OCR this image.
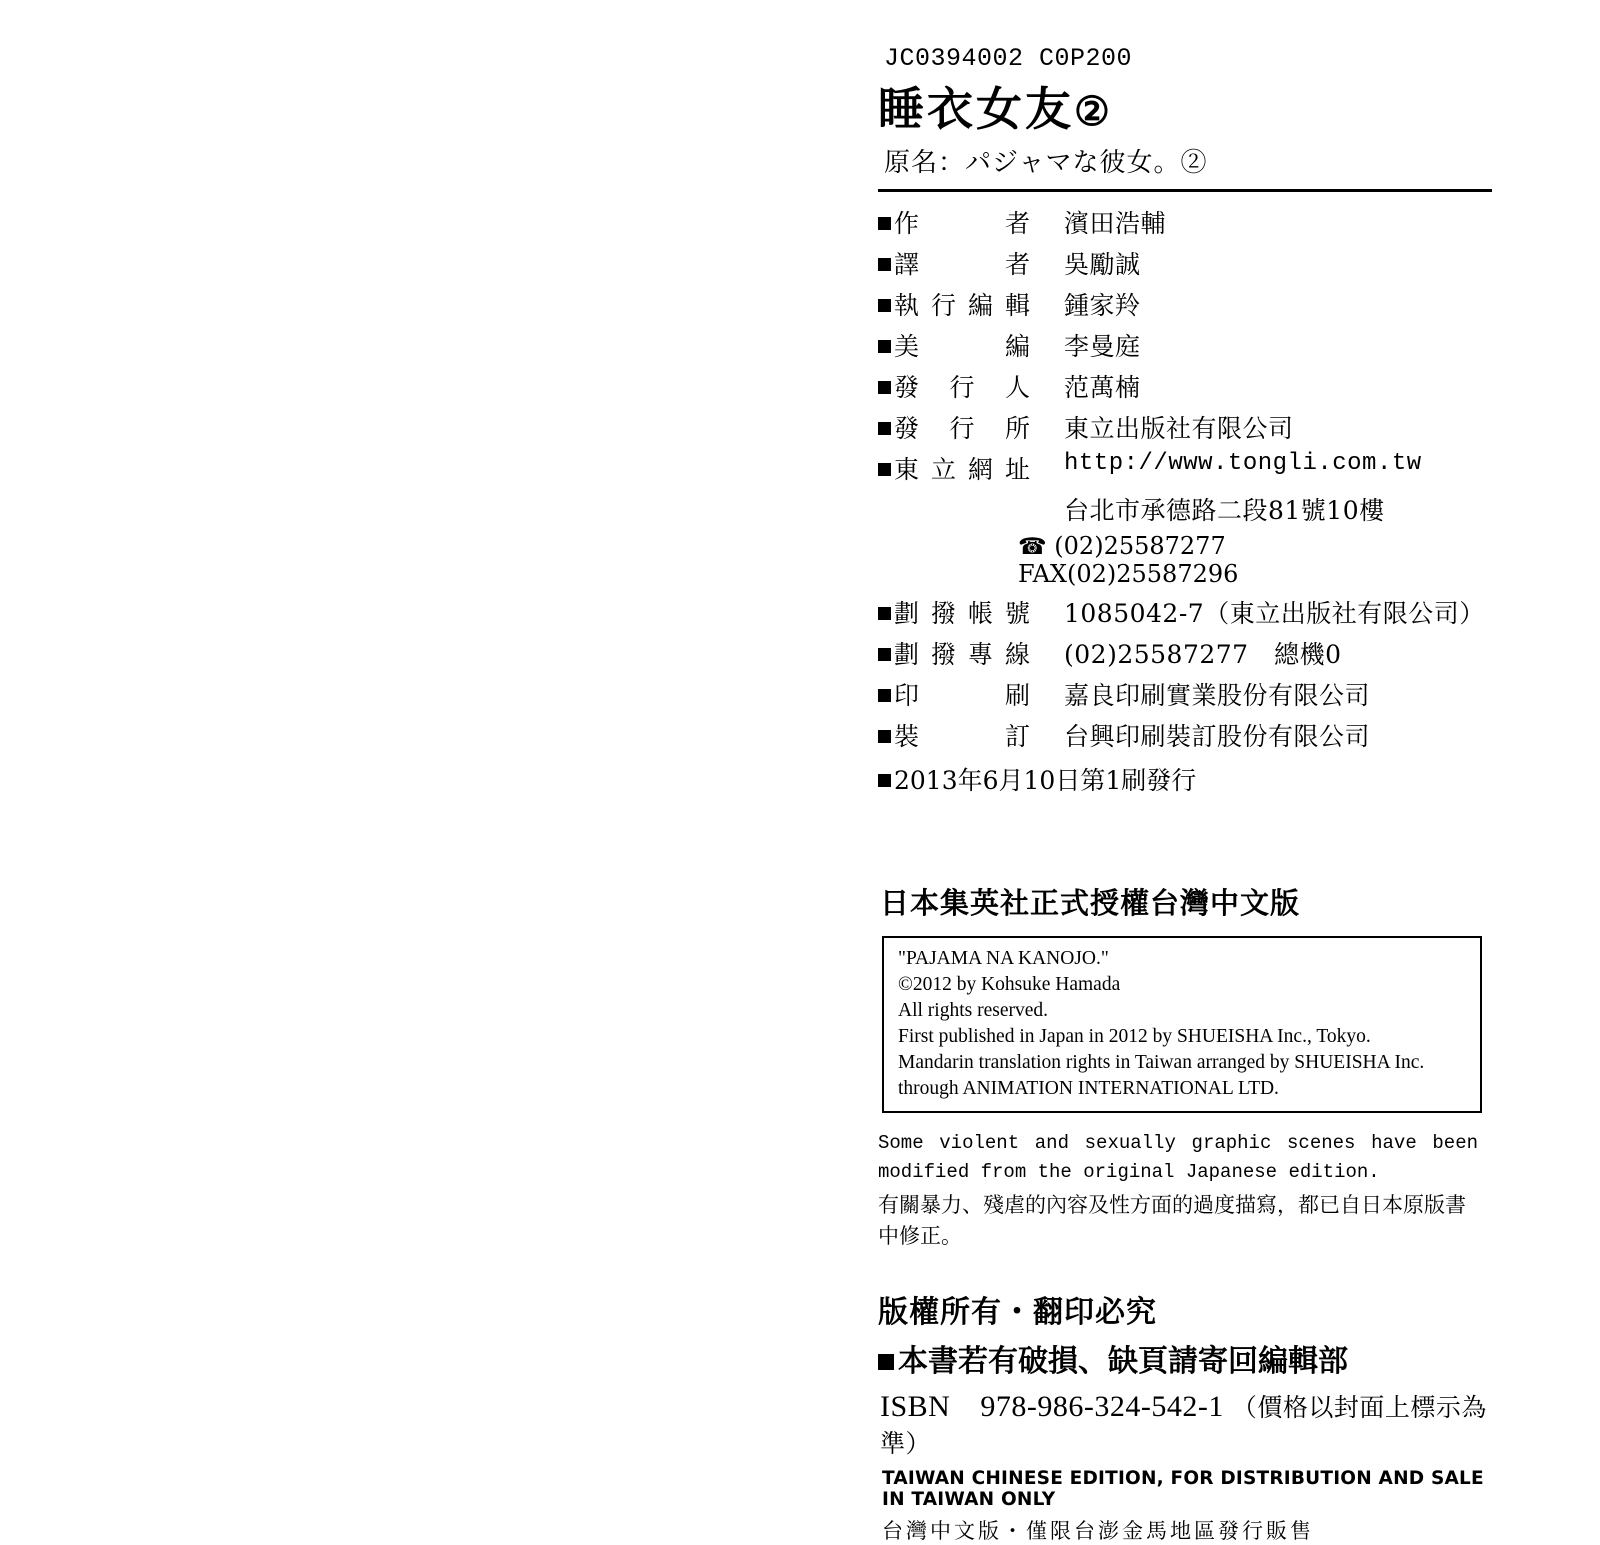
JC0394002 C0P200
睡衣女友②
原名：パジャマな彼女。②
作　　者	濱田浩輔
譯　　者	吳勵誠
執行編輯	鍾家羚
美　　編	李曼庭
發 行 人	范萬楠
發 行 所	東立出版社有限公司
東立網址	http://www.tongli.com.tw
	台北市承德路二段81號10樓
☎ (02)25587277  FAX(02)25587296
劃撥帳號	1085042-7（東立出版社有限公司）
劃撥專線	(02)25587277　總機0
印　　刷	嘉良印刷實業股份有限公司
裝　　訂	台興印刷裝訂股份有限公司
2013年6月10日第1刷發行
日本集英社正式授權台灣中文版
"PAJAMA NA KANOJO."
©2012 by Kohsuke Hamada
All rights reserved.
First published in Japan in 2012 by SHUEISHA Inc., Tokyo.
Mandarin translation rights in Taiwan arranged by SHUEISHA Inc.
through ANIMATION INTERNATIONAL LTD.
Some violent and sexually graphic scenes have been modified from the original Japanese edition.
有關暴力、殘虐的內容及性方面的過度描寫，都已自日本原版書中修正。
版權所有・翻印必究
本書若有破損、缺頁請寄回編輯部
ISBN 978-986-324-542-1 （價格以封面上標示為準）
TAIWAN CHINESE EDITION, FOR DISTRIBUTION AND SALE IN TAIWAN ONLY
台灣中文版・僅限台澎金馬地區發行販售
